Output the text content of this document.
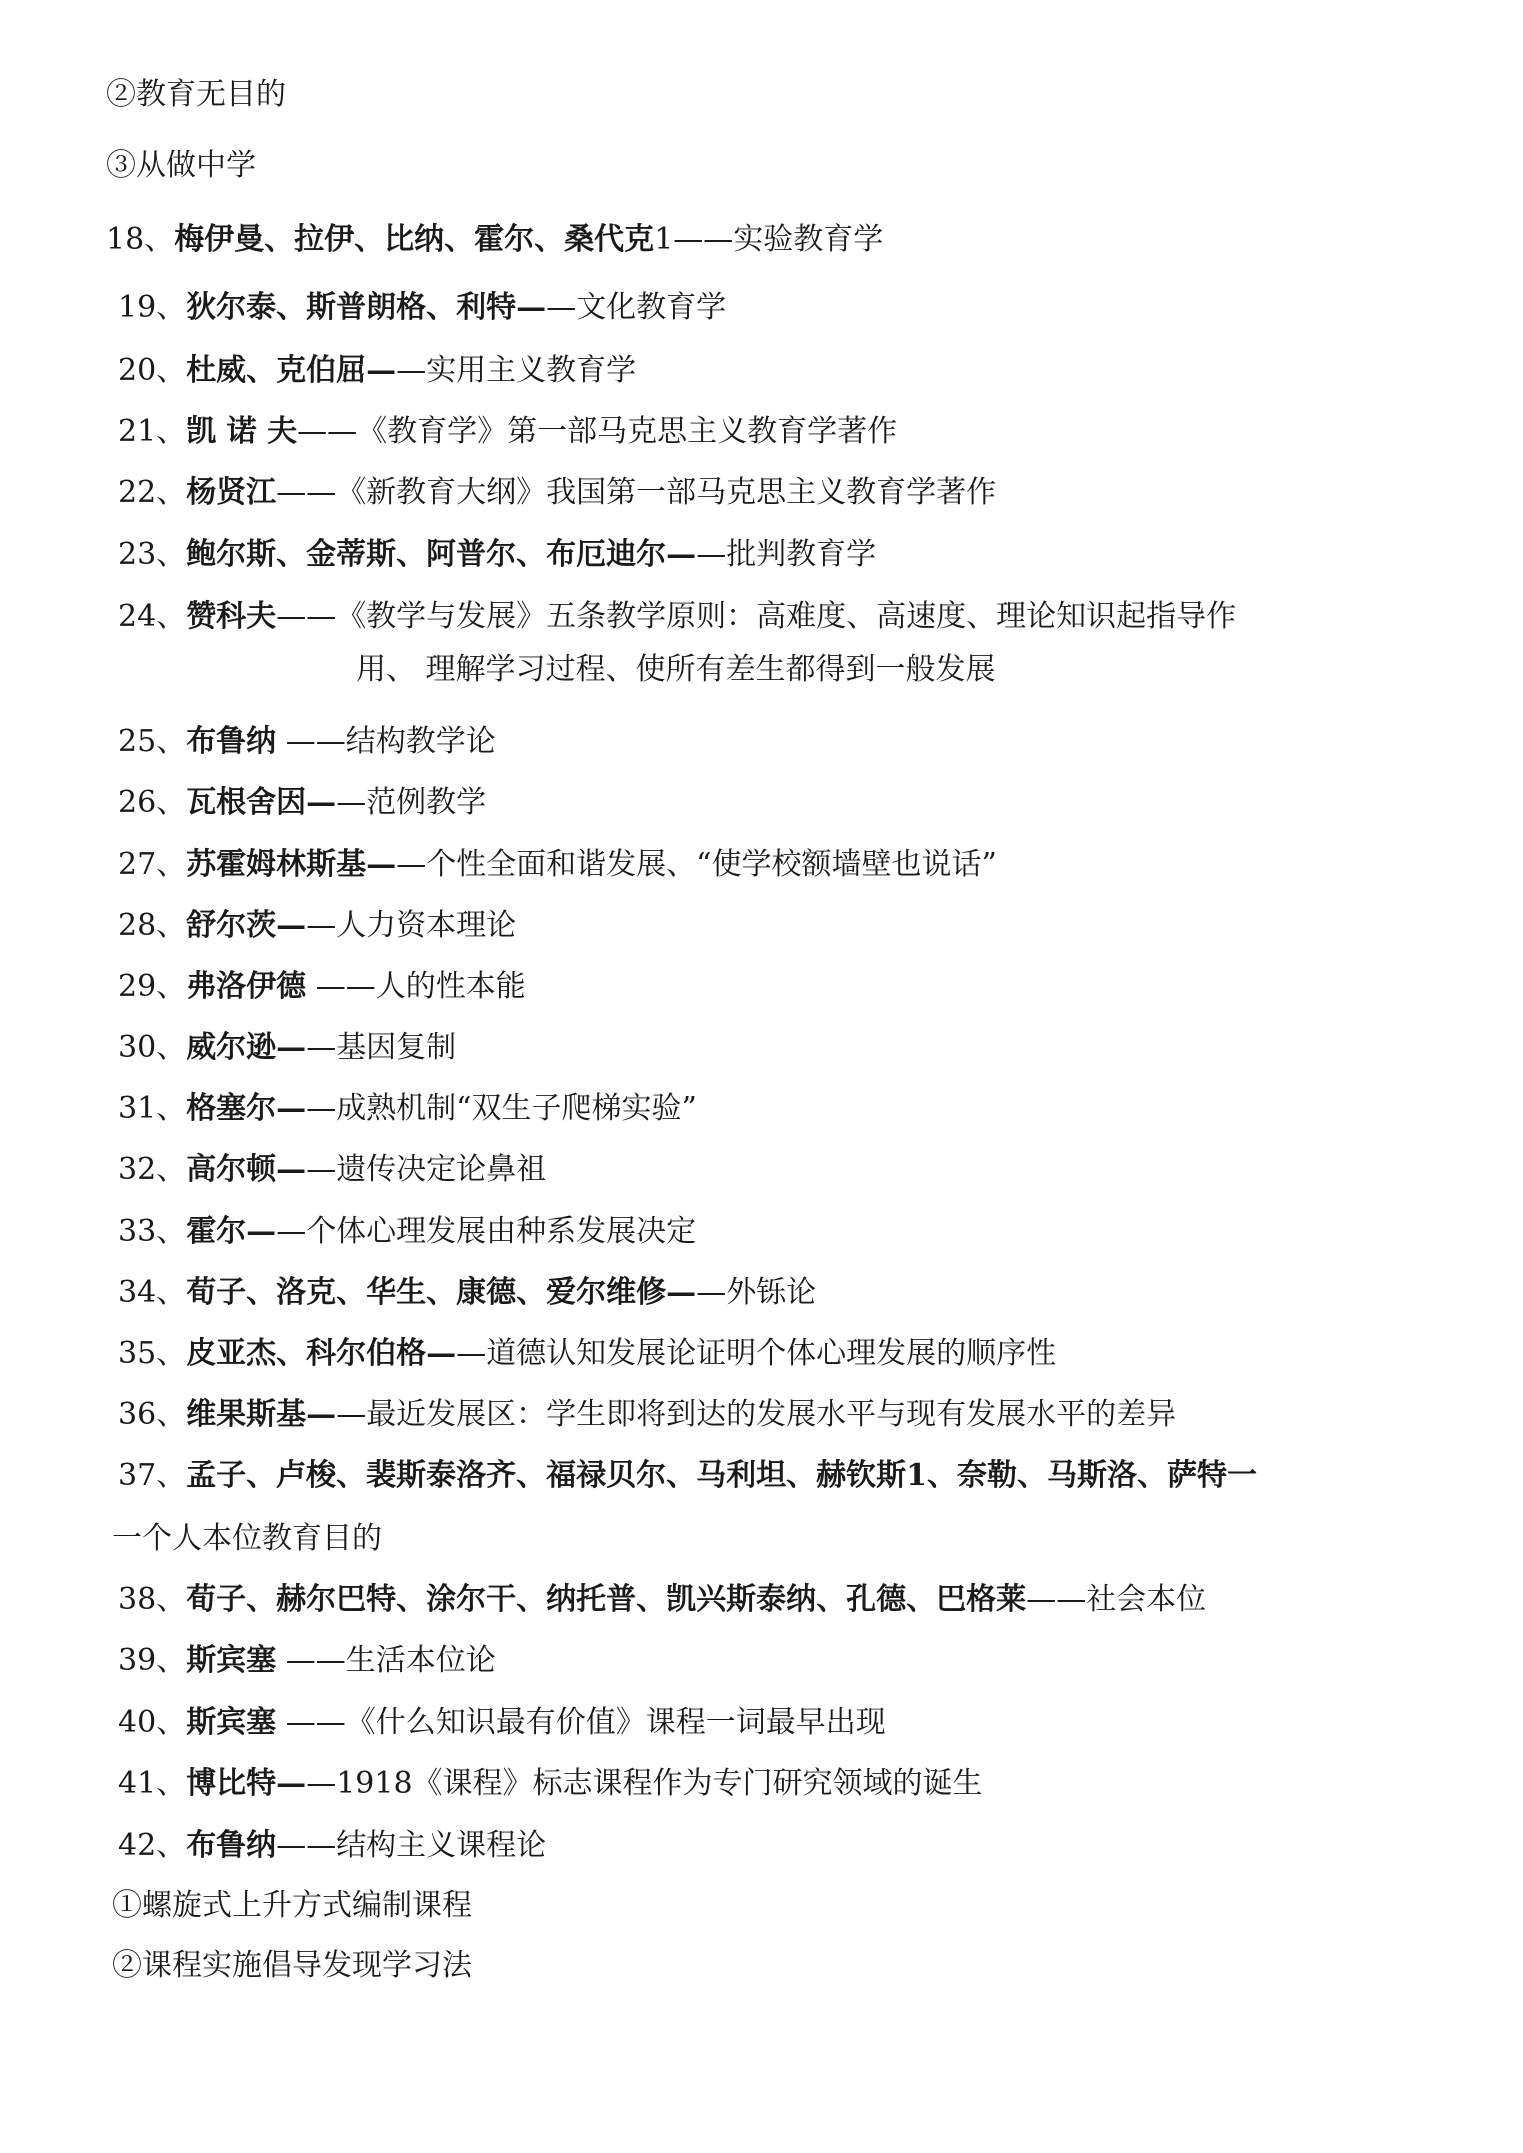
②教育无目的
③从做中学
18、梅伊曼、拉伊、比纳、霍尔、桑代克1——实验教育学
19、狄尔泰、斯普朗格、利特——文化教育学
20、杜威、克伯屈——实用主义教育学
21、凯 诺 夫——《教育学》第一部马克思主义教育学著作
22、杨贤江——《新教育大纲》我国第一部马克思主义教育学著作
23、鲍尔斯、金蒂斯、阿普尔、布厄迪尔——批判教育学
24、赞科夫——《教学与发展》五条教学原则：高难度、高速度、理论知识起指导作
用、 理解学习过程、使所有差生都得到一般发展
25、布鲁纳 ——结构教学论
26、瓦根舍因——范例教学
27、苏霍姆林斯基——个性全面和谐发展、“使学校额墙壁也说话”
28、舒尔茨——人力资本理论
29、弗洛伊德 ——人的性本能
30、威尔逊——基因复制
31、格塞尔——成熟机制“双生子爬梯实验”
32、高尔顿——遗传决定论鼻祖
33、霍尔——个体心理发展由种系发展决定
34、荀子、洛克、华生、康德、爱尔维修——外铄论
35、皮亚杰、科尔伯格——道德认知发展论证明个体心理发展的顺序性
36、维果斯基——最近发展区：学生即将到达的发展水平与现有发展水平的差异
37、孟子、卢梭、裴斯泰洛齐、福禄贝尔、马利坦、赫钦斯1、奈勒、马斯洛、萨特一
一个人本位教育目的
38、荀子、赫尔巴特、涂尔干、纳托普、凯兴斯泰纳、孔德、巴格莱——社会本位
39、斯宾塞 ——生活本位论
40、斯宾塞 ——《什么知识最有价值》课程一词最早出现
41、博比特——1918《课程》标志课程作为专门研究领域的诞生
42、布鲁纳——结构主义课程论
①螺旋式上升方式编制课程
②课程实施倡导发现学习法
